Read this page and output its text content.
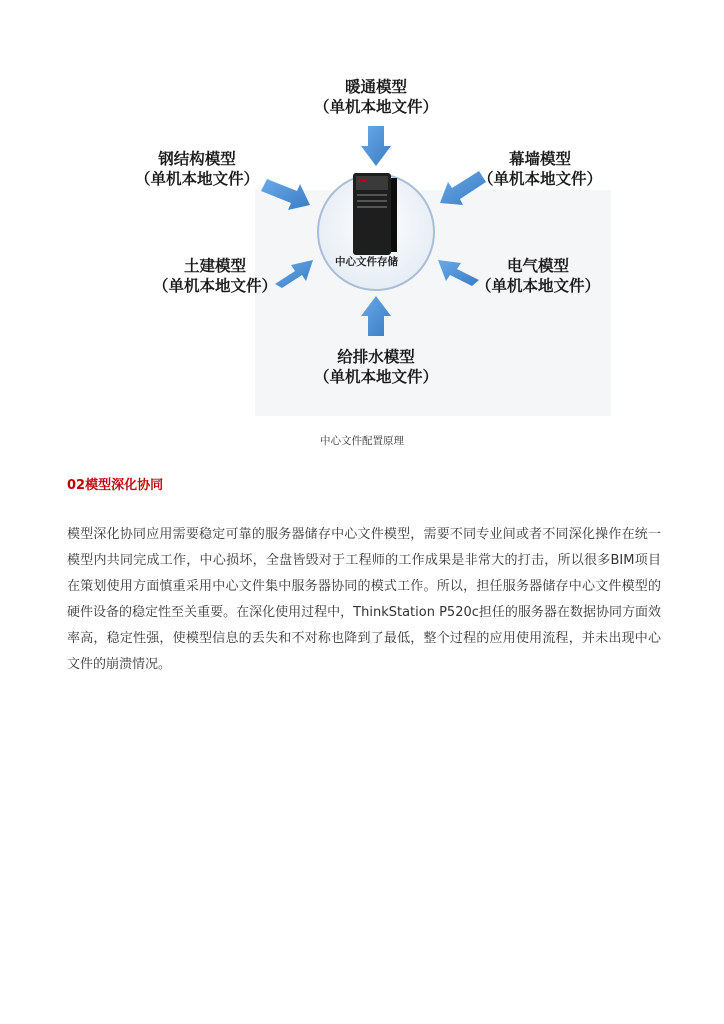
中心文件存储
暖通模型
（单机本地文件）
钢结构模型
（单机本地文件）
幕墙模型
（单机本地文件）
土建模型
（单机本地文件）
电气模型
（单机本地文件）
给排水模型
（单机本地文件）
中心文件配置原理
02模型深化协同

模型深化协同应用需要稳定可靠的服务器储存中心文件模型，需要不同专业间或者不同深化操作在统一模型内共同完成工作，中心损坏，全盘皆毁对于工程师的工作成果是非常大的打击，所以很多BIM项目在策划使用方面慎重采用中心文件集中服务器协同的模式工作。所以，担任服务器储存中心文件模型的硬件设备的稳定性至关重要。在深化使用过程中，ThinkStation P520c担任的服务器在数据协同方面效率高，稳定性强，使模型信息的丢失和不对称也降到了最低，整个过程的应用使用流程，并未出现中心文件的崩溃情况。
